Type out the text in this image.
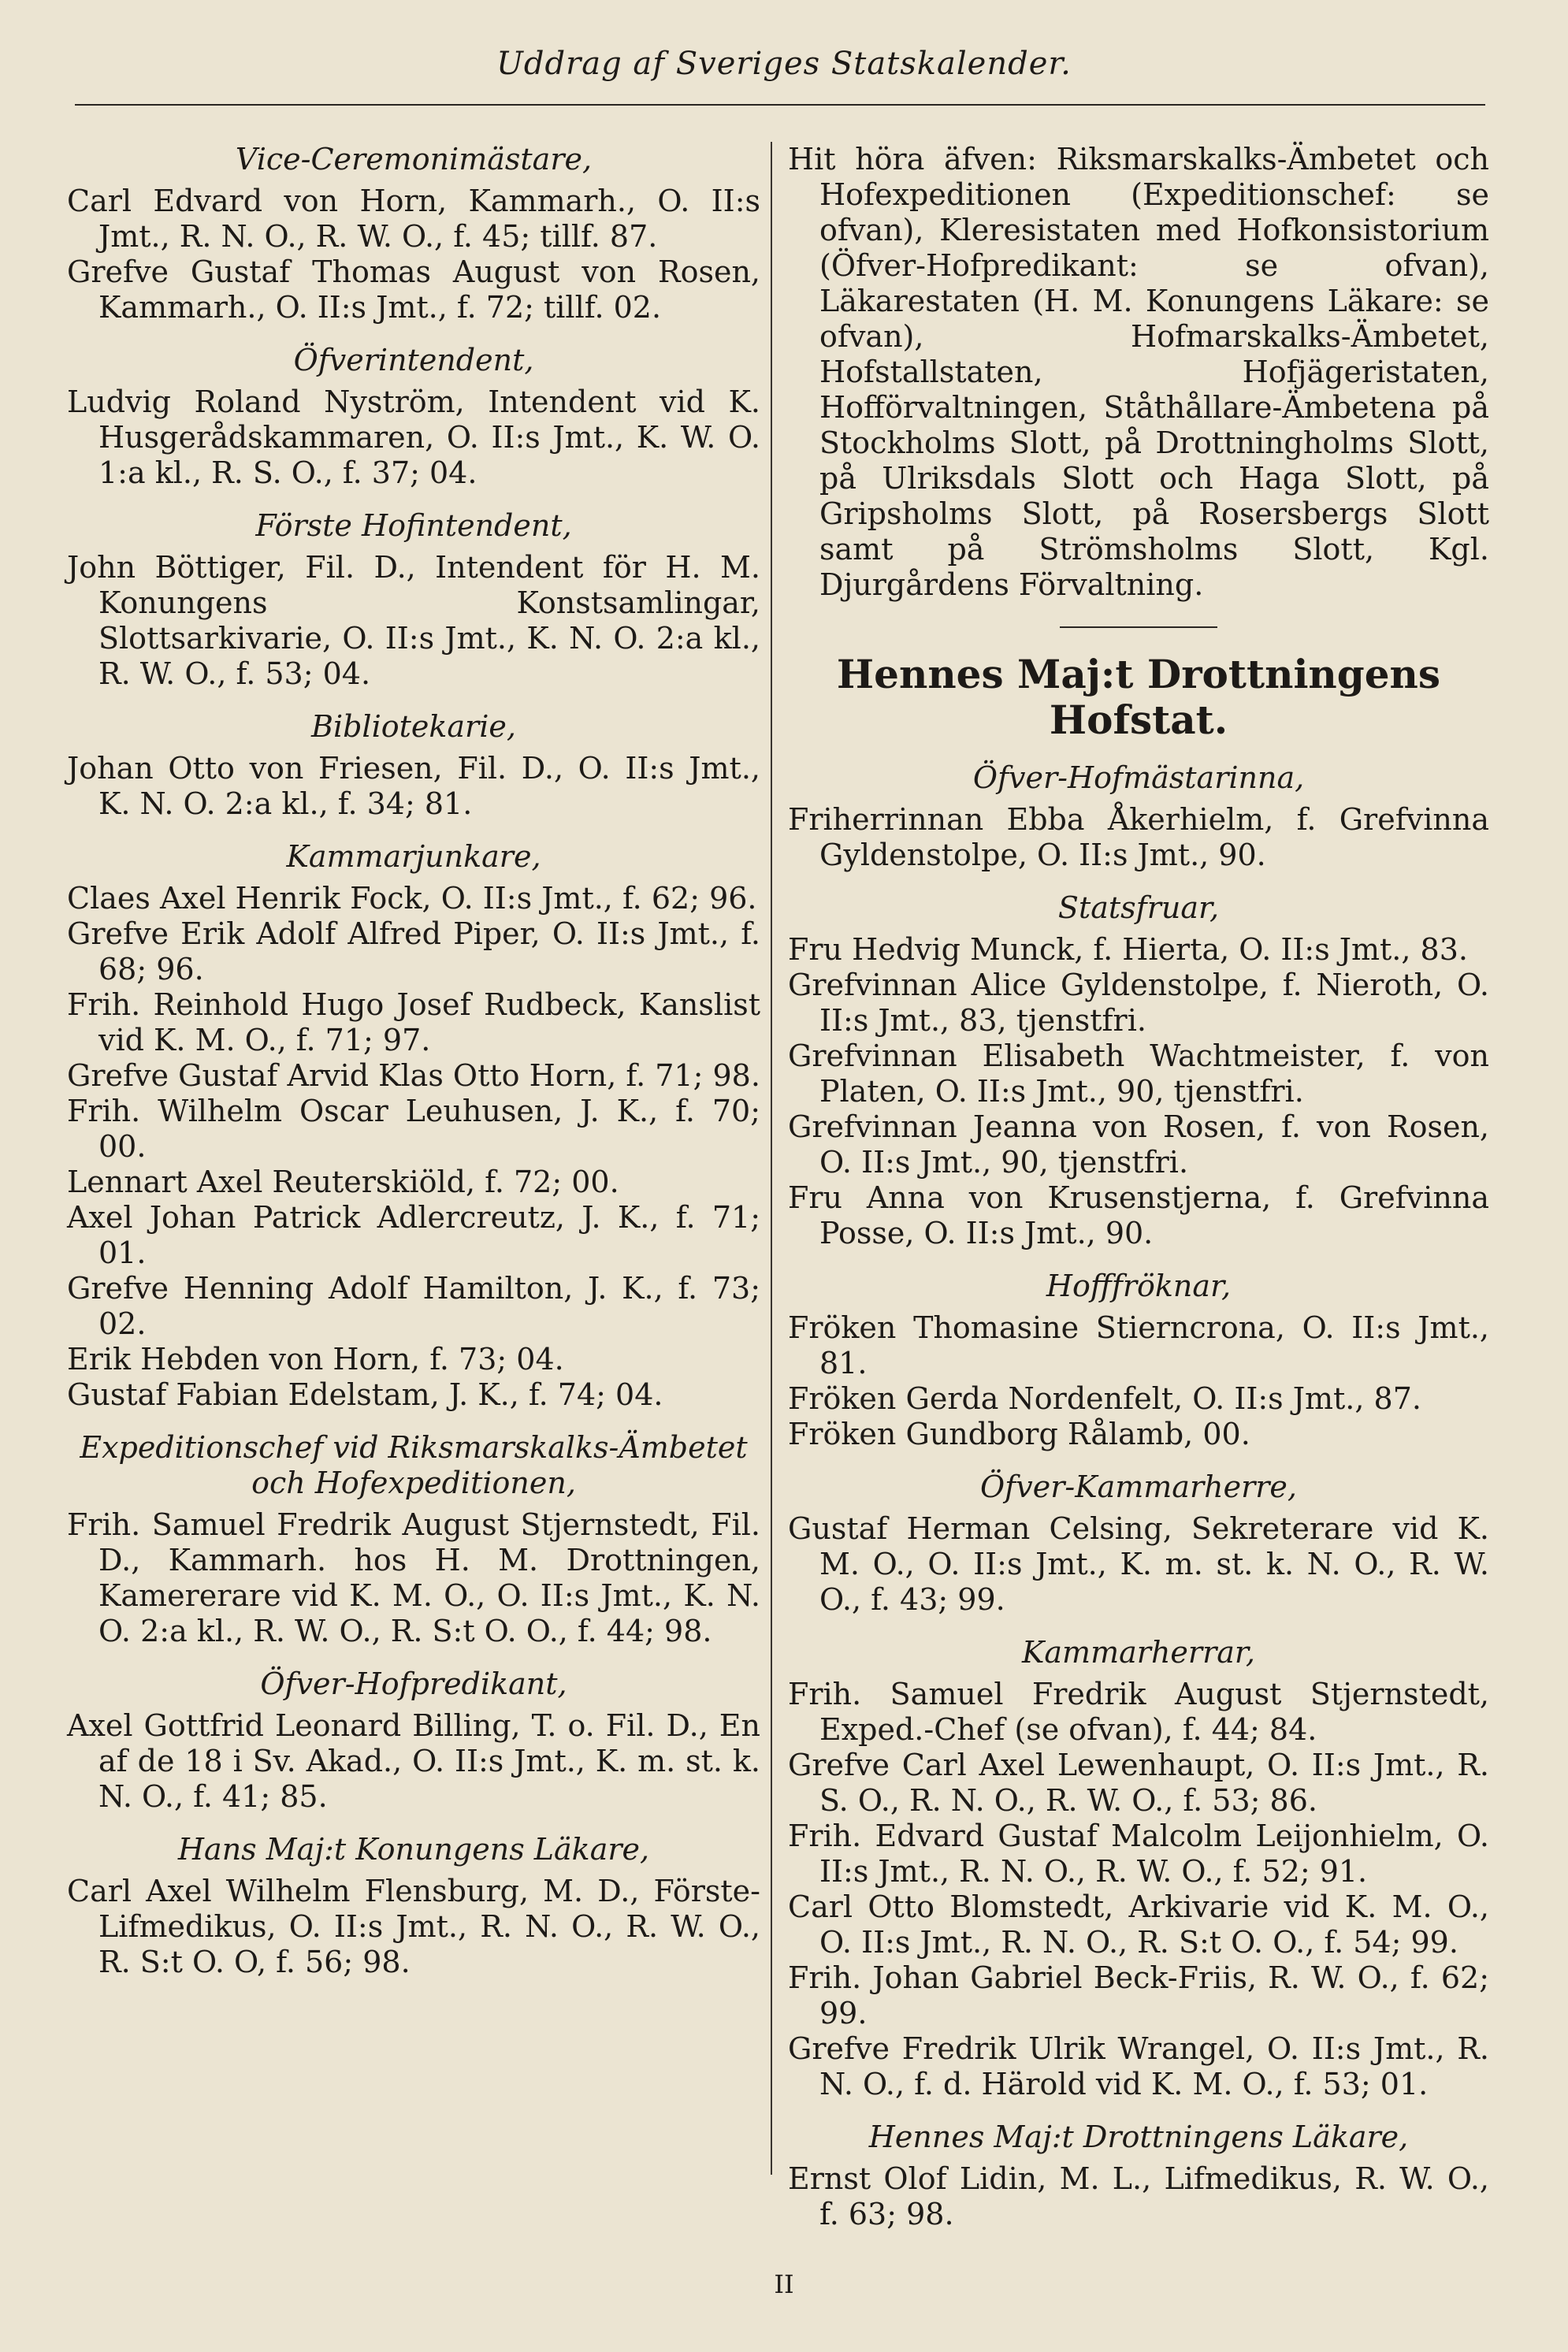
Uddrag af Sveriges Statskalender.
Vice-Ceremonimästare,
Carl Edvard von Horn, Kammarh., O. II:s Jmt., R. N. O., R. W. O., f. 45; tillf. 87.
Grefve Gustaf Thomas August von Rosen, Kammarh., O. II:s Jmt., f. 72; tillf. 02.
Öfverintendent,
Ludvig Roland Nyström, Intendent vid K. Husgerådskammaren, O. II:s Jmt., K. W. O. 1:a kl., R. S. O., f. 37; 04.
Förste Hofintendent,
John Böttiger, Fil. D., Intendent för H. M. Konungens Konstsamlingar, Slottsarkivarie, O. II:s Jmt., K. N. O. 2:a kl., R. W. O., f. 53; 04.
Bibliotekarie,
Johan Otto von Friesen, Fil. D., O. II:s Jmt., K. N. O. 2:a kl., f. 34; 81.
Kammarjunkare,
Claes Axel Henrik Fock, O. II:s Jmt., f. 62; 96.
Grefve Erik Adolf Alfred Piper, O. II:s Jmt., f. 68; 96.
Frih. Reinhold Hugo Josef Rudbeck, Kanslist vid K. M. O., f. 71; 97.
Grefve Gustaf Arvid Klas Otto Horn, f. 71; 98.
Frih. Wilhelm Oscar Leuhusen, J. K., f. 70; 00.
Lennart Axel Reuterskiöld, f. 72; 00.
Axel Johan Patrick Adlercreutz, J. K., f. 71; 01.
Grefve Henning Adolf Hamilton, J. K., f. 73; 02.
Erik Hebden von Horn, f. 73; 04.
Gustaf Fabian Edelstam, J. K., f. 74; 04.
Expeditionschef vid Riksmarskalks-Ämbetet och Hofexpeditionen,
Frih. Samuel Fredrik August Stjernstedt, Fil. D., Kammarh. hos H. M. Drottningen, Kamererare vid K. M. O., O. II:s Jmt., K. N. O. 2:a kl., R. W. O., R. S:t O. O., f. 44; 98.
Öfver-Hofpredikant,
Axel Gottfrid Leonard Billing, T. o. Fil. D., En af de 18 i Sv. Akad., O. II:s Jmt., K. m. st. k. N. O., f. 41; 85.
Hans Maj:t Konungens Läkare,
Carl Axel Wilhelm Flensburg, M. D., Förste-Lifmedikus, O. II:s Jmt., R. N. O., R. W. O., R. S:t O. O, f. 56; 98.
Hit höra äfven: Riksmarskalks-Ämbetet och Hofexpeditionen (Expeditionschef: se ofvan), Kleresistaten med Hofkonsistorium (Öfver-Hofpredikant: se ofvan), Läkarestaten (H. M. Konungens Läkare: se ofvan), Hofmarskalks-Ämbetet, Hofstallstaten, Hofjägeristaten, Hofförvaltningen, Ståthållare-Ämbetena på Stockholms Slott, på Drottningholms Slott, på Ulriksdals Slott och Haga Slott, på Gripsholms Slott, på Rosersbergs Slott samt på Strömsholms Slott, Kgl. Djurgårdens Förvaltning.
Hennes Maj:t Drottningens Hofstat.
Öfver-Hofmästarinna,
Friherrinnan Ebba Åkerhielm, f. Grefvinna Gyldenstolpe, O. II:s Jmt., 90.
Statsfruar,
Fru Hedvig Munck, f. Hierta, O. II:s Jmt., 83.
Grefvinnan Alice Gyldenstolpe, f. Nieroth, O. II:s Jmt., 83, tjenstfri.
Grefvinnan Elisabeth Wachtmeister, f. von Platen, O. II:s Jmt., 90, tjenstfri.
Grefvinnan Jeanna von Rosen, f. von Rosen, O. II:s Jmt., 90, tjenstfri.
Fru Anna von Krusenstjerna, f. Grefvinna Posse, O. II:s Jmt., 90.
Hofffröknar,
Fröken Thomasine Stierncrona, O. II:s Jmt., 81.
Fröken Gerda Nordenfelt, O. II:s Jmt., 87.
Fröken Gundborg Rålamb, 00.
Öfver-Kammarherre,
Gustaf Herman Celsing, Sekreterare vid K. M. O., O. II:s Jmt., K. m. st. k. N. O., R. W. O., f. 43; 99.
Kammarherrar,
Frih. Samuel Fredrik August Stjernstedt, Exped.-Chef (se ofvan), f. 44; 84.
Grefve Carl Axel Lewenhaupt, O. II:s Jmt., R. S. O., R. N. O., R. W. O., f. 53; 86.
Frih. Edvard Gustaf Malcolm Leijonhielm, O. II:s Jmt., R. N. O., R. W. O., f. 52; 91.
Carl Otto Blomstedt, Arkivarie vid K. M. O., O. II:s Jmt., R. N. O., R. S:t O. O., f. 54; 99.
Frih. Johan Gabriel Beck-Friis, R. W. O., f. 62; 99.
Grefve Fredrik Ulrik Wrangel, O. II:s Jmt., R. N. O., f. d. Härold vid K. M. O., f. 53; 01.
Hennes Maj:t Drottningens Läkare,
Ernst Olof Lidin, M. L., Lifmedikus, R. W. O., f. 63; 98.
II
